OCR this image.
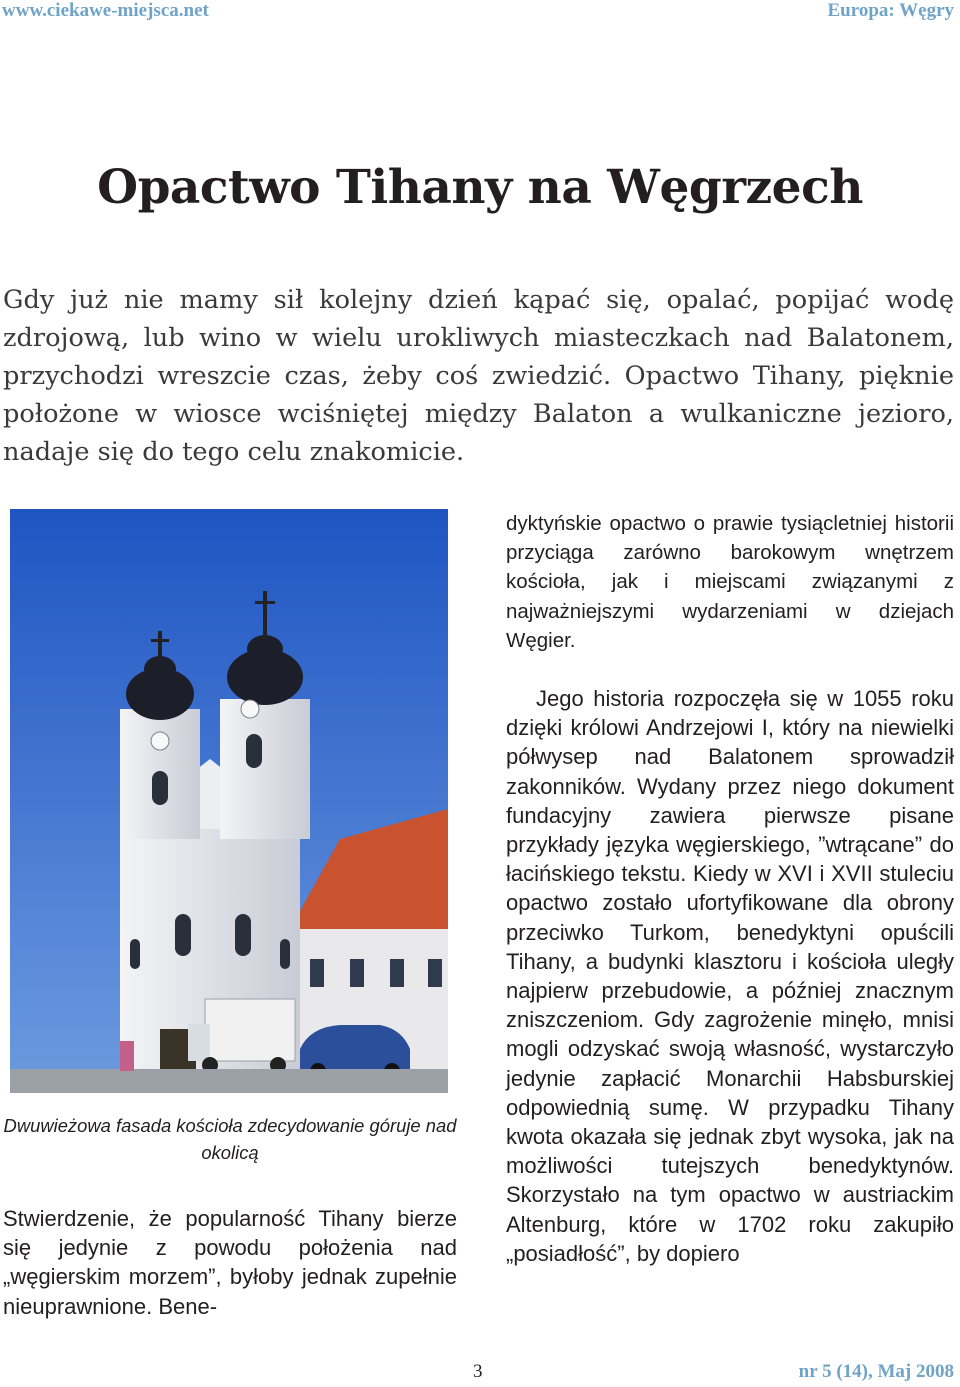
www.ciekawe-miejsca.net	Europa: Węgry
Opactwo Tihany na Węgrzech

Gdy już nie mamy sił kolejny dzień kąpać się, opalać, popijać wodę zdrojową, lub wino w wielu urokliwych miasteczkach nad Balatonem, przychodzi wreszcie czas, żeby coś zwiedzić. Opactwo Tihany, pięknie położone w wiosce wciśniętej między Balaton a wulkaniczne jezioro, nadaje się do tego celu znakomicie.

Dwuwieżowa fasada kościoła zdecydowanie góruje nad okolicą

Stwierdzenie, że popularność Tihany bierze się jedynie z powodu położenia nad „węgierskim morzem”, byłoby jednak zupełnie nieuprawnione. Bene-

dyktyńskie opactwo o prawie tysiącletniej historii przyciąga zarówno barokowym wnętrzem kościoła, jak i miejscami związanymi z najważniejszymi wydarzeniami w dziejach Węgier.

Jego historia rozpoczęła się w 1055 roku dzięki królowi Andrzejowi I, który na niewielki półwysep nad Balatonem sprowadził zakonników. Wydany przez niego dokument fundacyjny zawiera pierwsze pisane przykłady języka węgierskiego, ”wtrącane” do łacińskiego tekstu. Kiedy w XVI i XVII stuleciu opactwo zostało ufortyfikowane dla obrony przeciwko Turkom, benedyktyni opuścili Tihany, a budynki klasztoru i kościoła uległy najpierw przebudowie, a później znacznym zniszczeniom. Gdy zagrożenie minęło, mnisi mogli odzyskać swoją własność, wystarczyło jedynie zapłacić Monarchii Habsburskiej odpowiednią sumę. W przypadku Tihany kwota okazała się jednak zbyt wysoka, jak na możliwości tutejszych benedyktynów. Skorzystało na tym opactwo w austriackim Altenburg, które w 1702 roku zakupiło „posiadłość”, by dopiero

3	nr 5 (14), Maj 2008
